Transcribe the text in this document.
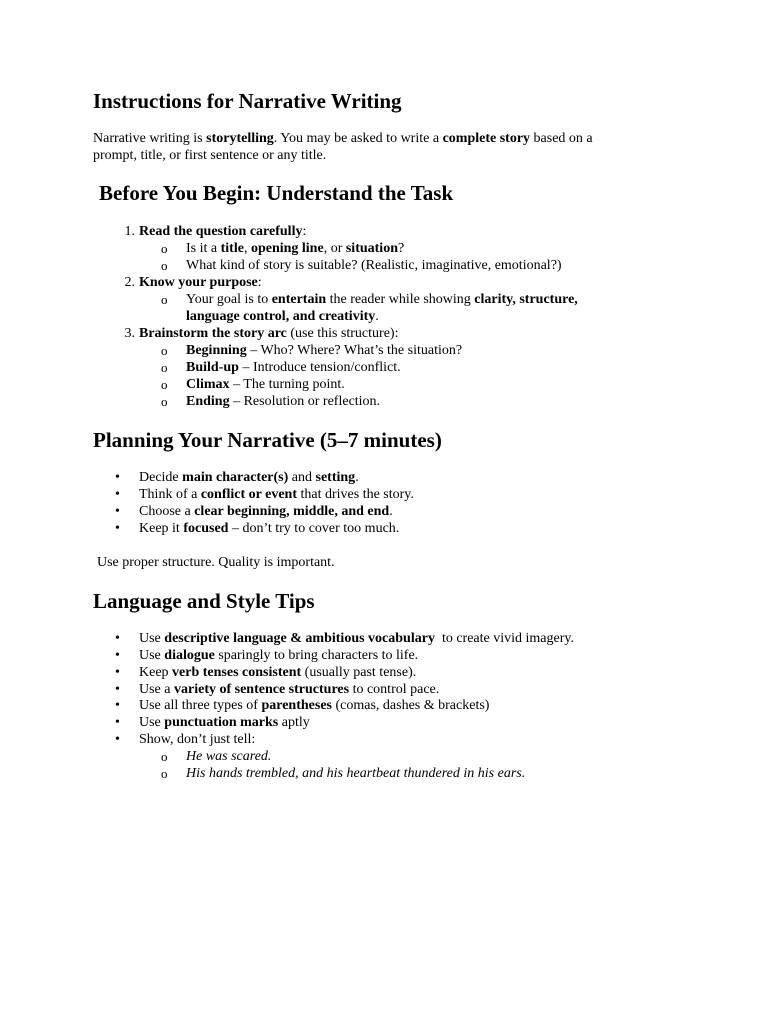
Instructions for Narrative Writing
Narrative writing is storytelling. You may be asked to write a complete story based on a
prompt, title, or first sentence or any title.
Before You Begin: Understand the Task
1. Read the question carefully:
o Is it a title, opening line, or situation?
o What kind of story is suitable? (Realistic, imaginative, emotional?)
2. Know your purpose:
o Your goal is to entertain the reader while showing clarity, structure,
language control, and creativity.
3. Brainstorm the story arc (use this structure):
o Beginning – Who? Where? What’s the situation?
o Build-up – Introduce tension/conflict.
o Climax – The turning point.
o Ending – Resolution or reflection.
Planning Your Narrative (5–7 minutes)
• Decide main character(s) and setting.
• Think of a conflict or event that drives the story.
• Choose a clear beginning, middle, and end.
• Keep it focused – don’t try to cover too much.
Use proper structure. Quality is important.
Language and Style Tips
• Use descriptive language & ambitious vocabulary  to create vivid imagery.
• Use dialogue sparingly to bring characters to life.
• Keep verb tenses consistent (usually past tense).
• Use a variety of sentence structures to control pace.
• Use all three types of parentheses (comas, dashes & brackets)
• Use punctuation marks aptly
• Show, don’t just tell:
o He was scared.
o His hands trembled, and his heartbeat thundered in his ears.
